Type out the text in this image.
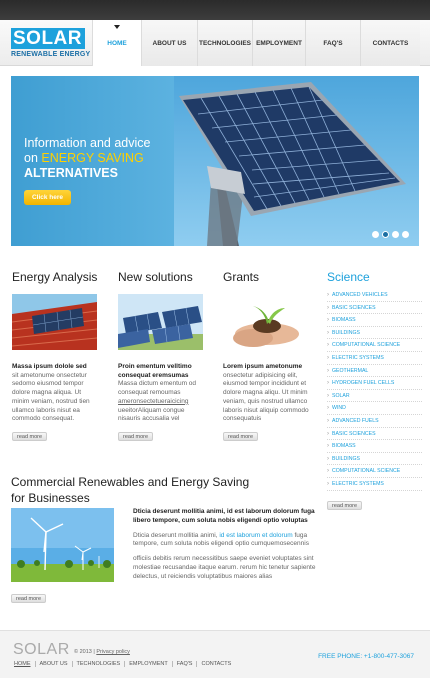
SOLAR
RENEWABLE ENERGY
HOME	ABOUT US TECHNOLOGIES EMPLOYMENT	FAQ'S	CONTACTS
Information and advice
on ENERGY SAVING
ALTERNATIVES
Click here
Energy Analysis
Massa ipsum dolole sed
sit ametonume onsectetur sedomo eiusmod tempor dolore magna aliqua. Ut minim veniam, nostrud tien ullamco laboris nisut ea commodo consequat.
read more
New solutions
Proin ementum velltimo consequat eremsumas
Massa dictum ementum od consequat remoumas ameronsectetueraicicing ueeitorAliquam congue nisauris accusalia vel
read more
Grants
Lorem ipsum ametonume
onsectetur adipisicing elit, eiusmod tempor incididunt et dolore magna aliqu. Ut minim veniam, quis nostrud ullamco laboris nisut aliquip commodo consequatuis
read more
Science
› ADVANCED VEHICLES
› BASIC SCIENCES
› BIOMASS
› BUILDINGS
› COMPUTATIONAL SCIENCE
› ELECTRIC SYSTEMS
› GEOTHERMAL
› HYDROGEN FUEL CELLS
› SOLAR
› WIND
› ADVANCED FUELS
› BASIC SCIENCES
› BIOMASS
› BUILDINGS
› COMPUTATIONAL SCIENCE
› ELECTRIC SYSTEMS
read more
Commercial Renewables and Energy Saving
for Businesses

Dticia deserunt mollitia animi, id est laborum dolorum fuga libero tempore, cum soluta nobis eligendi optio voluptas

Dticia deserunt mollitia animi, id est laborum et dolorum fuga tempore, cum soluta nobis eligendi optio cumquemosecennis

officiis debitis rerum necessitibus saepe eveniet voluptates sint molestiae recusandae itaque earum. rerum hic tenetur sapiente delectus, ut reiciendis voluptatibus maiores alias

read more
SOLAR © 2013 | Privacy policy
HOME	ABOUT US	TECHNOLOGIES	EMPLOYMENT	FAQ'S	CONTACTS
FREE PHONE: +1-800-477-3067
